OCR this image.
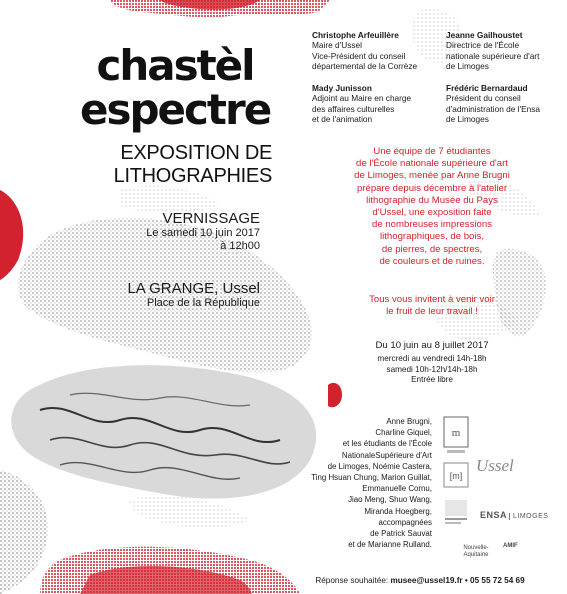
chastèl
espectre
EXPOSITION DE
LITHOGRAPHIES
VERNISSAGE
Le samedi 10 juin 2017
à 12h00
LA GRANGE, Ussel
Place de la République
Christophe Arfeuillère
Maire d'Ussel
Vice-Président du conseil
départemental de la Corrèze
Jeanne Gailhoustet
Directrice de l'École
nationale supérieure d'art
de Limoges
Mady Junisson
Adjoint au Maire en charge
des affaires culturelles
et de l'animation
Frédéric Bernardaud
Président du conseil
d'administration de l'Ensa
de Limoges
Une équipe de 7 étudiantes
de l'École nationale supérieure d'art
de Limoges, menée par Anne Brugni
prépare depuis décembre à l'atelier
lithographie du Musée du Pays
d'Ussel, une exposition faite
de nombreuses impressions
lithographiques, de bois,
de pierres, de spectres,
de couleurs et de ruines.
Tous vous invitent à venir voir
le fruit de leur travail !
Du 10 juin au 8 juillet 2017
mercredi au vendredi 14h-18h
samedi 10h-12h/14h-18h
Entrée libre
Anne Brugni,
Charline Giquel,
et les étudiants de l'École
NationaleSupérieure d'Art
de Limoges, Noémie Castera,
Ting Hsuan Chung, Marion Guillat,
Emmanuelle Cornu,
Jiao Meng, Shuo Wang,
Miranda Hoegberg,
accompagnées
de Patrick Sauvat
et de Marianne Rulland.
m
[m]
Ussel
ENSA LIMOGES
Nouvelle-Aquitaine
AMIF
Réponse souhaitée: musee@ussel19.fr • 05 55 72 54 69
